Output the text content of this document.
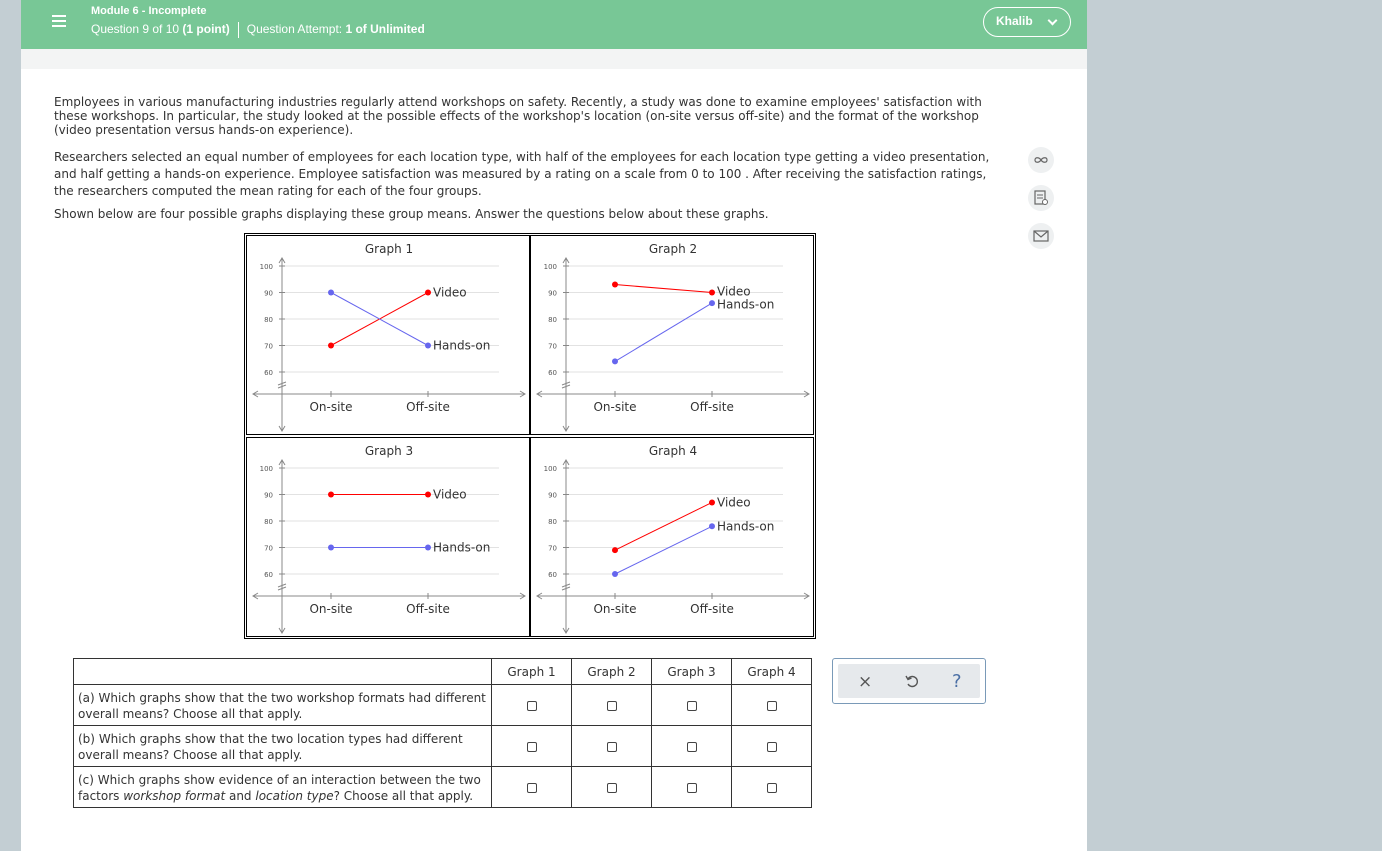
Module 6 - Incomplete
Question 9 of 10 (1 point) Question Attempt: 1 of Unlimited
Khalib

Employees in various manufacturing industries regularly attend workshops on safety. Recently, a study was done to examine employees' satisfaction with these workshops. In particular, the study looked at the possible effects of the workshop's location (on-site versus off-site) and the format of the workshop (video presentation versus hands-on experience).

Researchers selected an equal number of employees for each location type, with half of the employees for each location type getting a video presentation, and half getting a hands-on experience. Employee satisfaction was measured by a rating on a scale from 0 to 100 . After receiving the satisfaction ratings, the researchers computed the mean rating for each of the four groups.

Shown below are four possible graphs displaying these group means. Answer the questions below about these graphs.

Graph 1
100
90
80
70
60
On-site	Off-site
Video
Hands-on
Graph 2
100
90
80
70
60
On-site	Off-site
Video
Hands-on
Graph 3
100
90
80
70
60
On-site	Off-site
Video
Hands-on
Graph 4
100
90
80
70
60
On-site	Off-site
Video
Hands-on
	Graph 1	Graph 2	Graph 3	Graph 4
(a) Which graphs show that the two workshop formats had different overall means? Choose all that apply.				
(b) Which graphs show that the two location types had different overall means? Choose all that apply.				
(c) Which graphs show evidence of an interaction between the two factors workshop format and location type? Choose all that apply.				
×	?
